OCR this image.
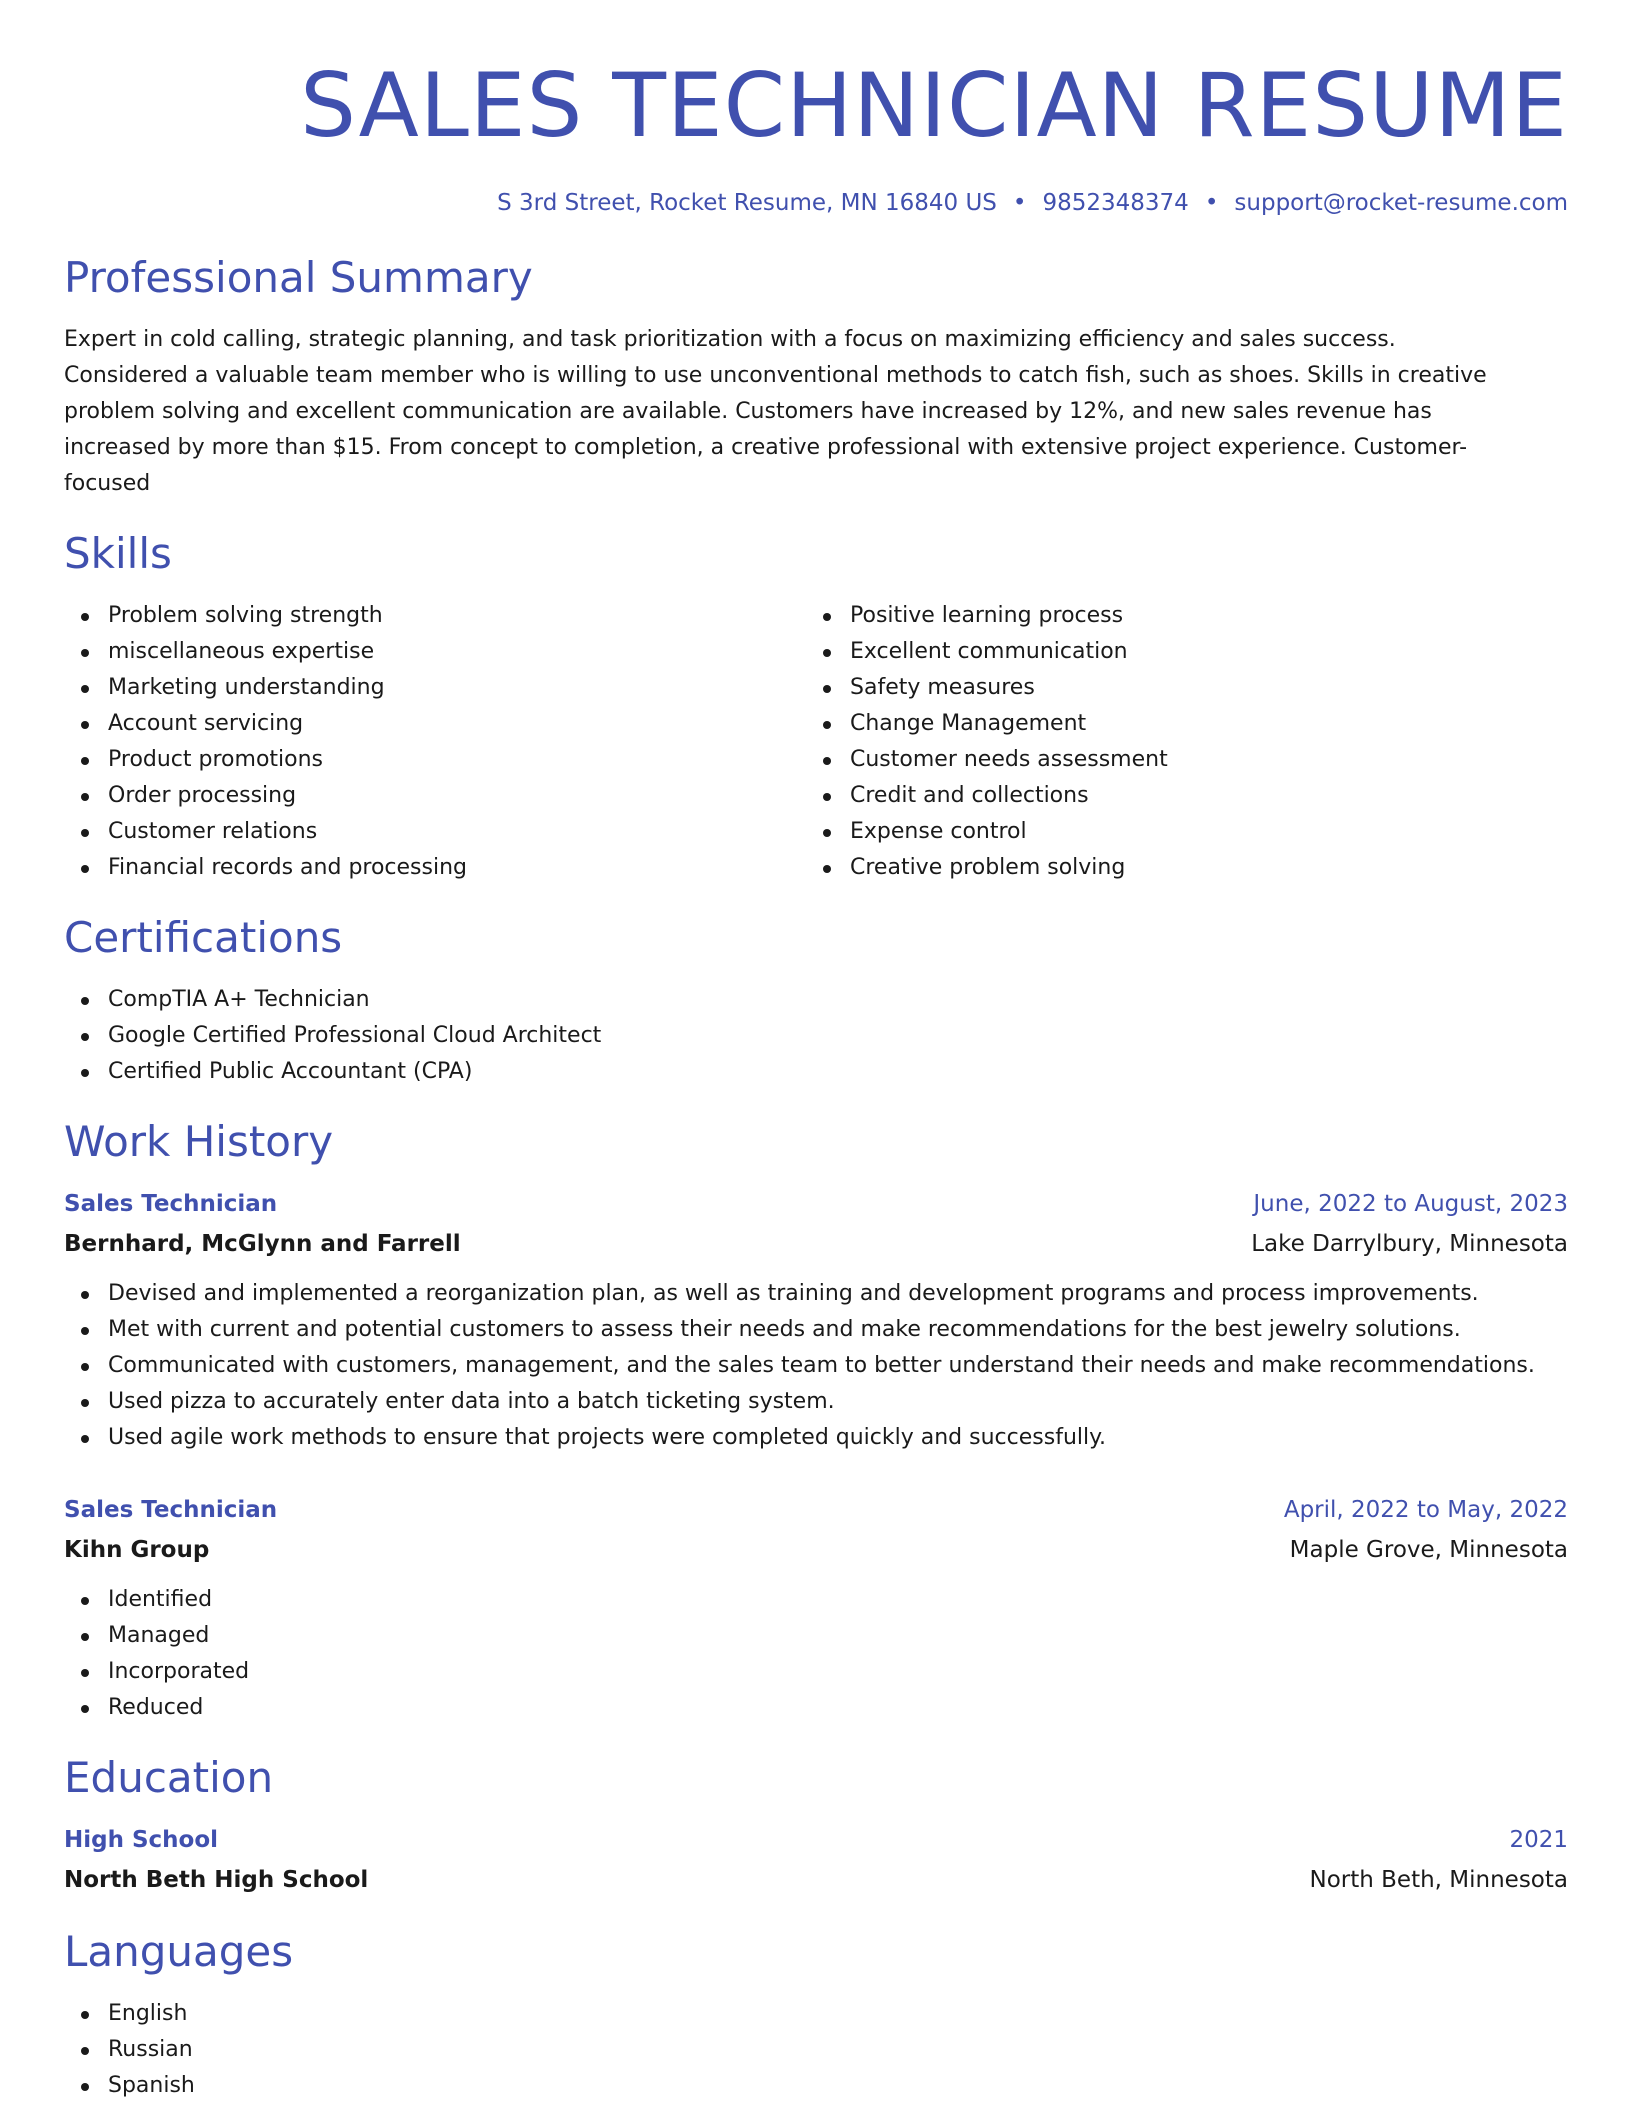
SALES TECHNICIAN RESUME
S 3rd Street, Rocket Resume, MN 16840 US • 9852348374 • support@rocket-resume.com
Professional Summary
Expert in cold calling, strategic planning, and task prioritization with a focus on maximizing efficiency and sales success. Considered a valuable team member who is willing to use unconventional methods to catch fish, such as shoes. Skills in creative problem solving and excellent communication are available. Customers have increased by 12%, and new sales revenue has increased by more than $15. From concept to completion, a creative professional with extensive project experience. Customer-focused
Skills
Problem solving strength
miscellaneous expertise
Marketing understanding
Account servicing
Product promotions
Order processing
Customer relations
Financial records and processing
Positive learning process
Excellent communication
Safety measures
Change Management
Customer needs assessment
Credit and collections
Expense control
Creative problem solving
Certifications
CompTIA A+ Technician
Google Certified Professional Cloud Architect
Certified Public Accountant (CPA)
Work History
Sales Technician	June, 2022 to August, 2023
Bernhard, McGlynn and Farrell	Lake Darrylbury, Minnesota
Devised and implemented a reorganization plan, as well as training and development programs and process improvements.
Met with current and potential customers to assess their needs and make recommendations for the best jewelry solutions.
Communicated with customers, management, and the sales team to better understand their needs and make recommendations.
Used pizza to accurately enter data into a batch ticketing system.
Used agile work methods to ensure that projects were completed quickly and successfully.
Sales Technician	April, 2022 to May, 2022
Kihn Group	Maple Grove, Minnesota
Identified
Managed
Incorporated
Reduced
Education
High School	2021
North Beth High School	North Beth, Minnesota
Languages
English
Russian
Spanish
